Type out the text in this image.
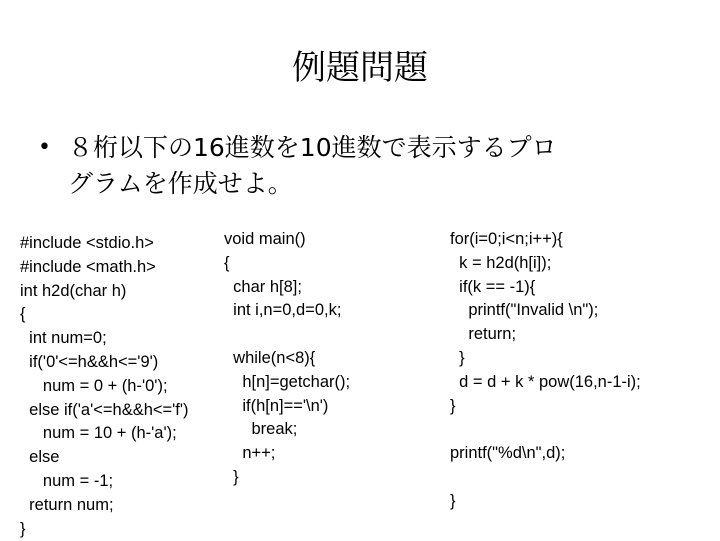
例題問題
• ８桁以下の16進数を10進数で表示するプロ
グラムを作成せよ。
#include <stdio.h>
#include <math.h>
int h2d(char h)
{
int num=0;
if('0'<=h&&h<='9')
num = 0 + (h-'0');
else if('a'<=h&&h<='f')
num = 10 + (h-'a');
else
num = -1;
return num;
}
void main()
{
char h[8];
int i,n=0,d=0,k;
while(n<8){
h[n]=getchar();
if(h[n]=='\n')
break;
n++;
}
for(i=0;i<n;i++){
k = h2d(h[i]);
if(k == -1){
printf("Invalid \n");
return;
}
d = d + k * pow(16,n-1-i);
}
printf("%d\n",d);
}
